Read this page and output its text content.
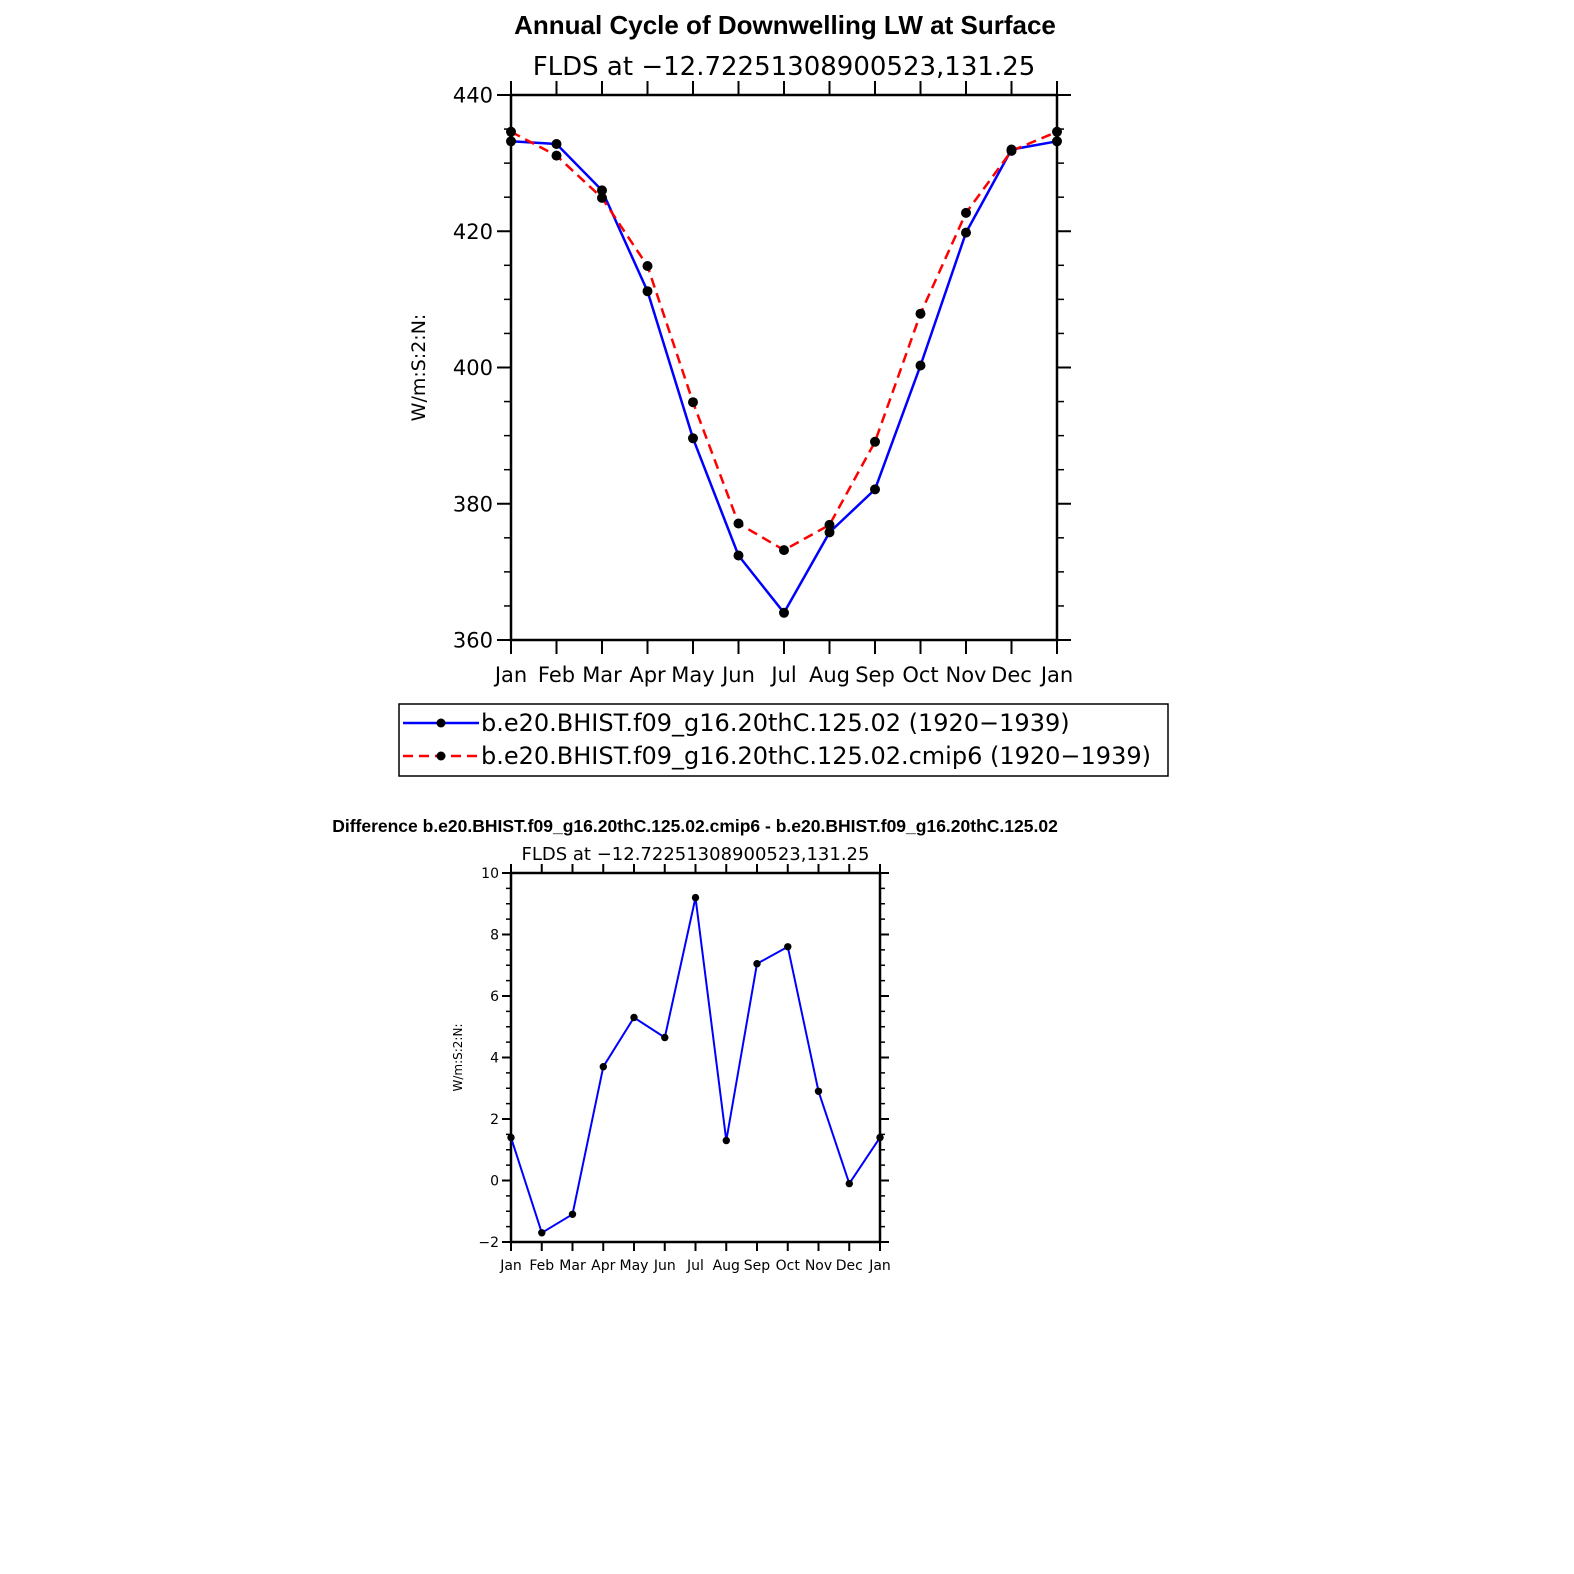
Annual Cycle of Downwelling LW at Surface
FLDS at −12.72251308900523,131.25
W/m:S:2:N:
Jan Feb Mar Apr May Jun Jul Aug Sep Oct Nov Dec Jan
360
380
400
420
440
b.e20.BHIST.f09_g16.20thC.125.02 (1920−1939)
b.e20.BHIST.f09_g16.20thC.125.02.cmip6 (1920−1939)
Difference b.e20.BHIST.f09_g16.20thC.125.02.cmip6 - b.e20.BHIST.f09_g16.20thC.125.02
FLDS at −12.72251308900523,131.25
W/m:S:2:N:
Jan Feb Mar Apr May Jun Jul Aug Sep Oct Nov Dec Jan
−2
0
2
4
6
8
10
